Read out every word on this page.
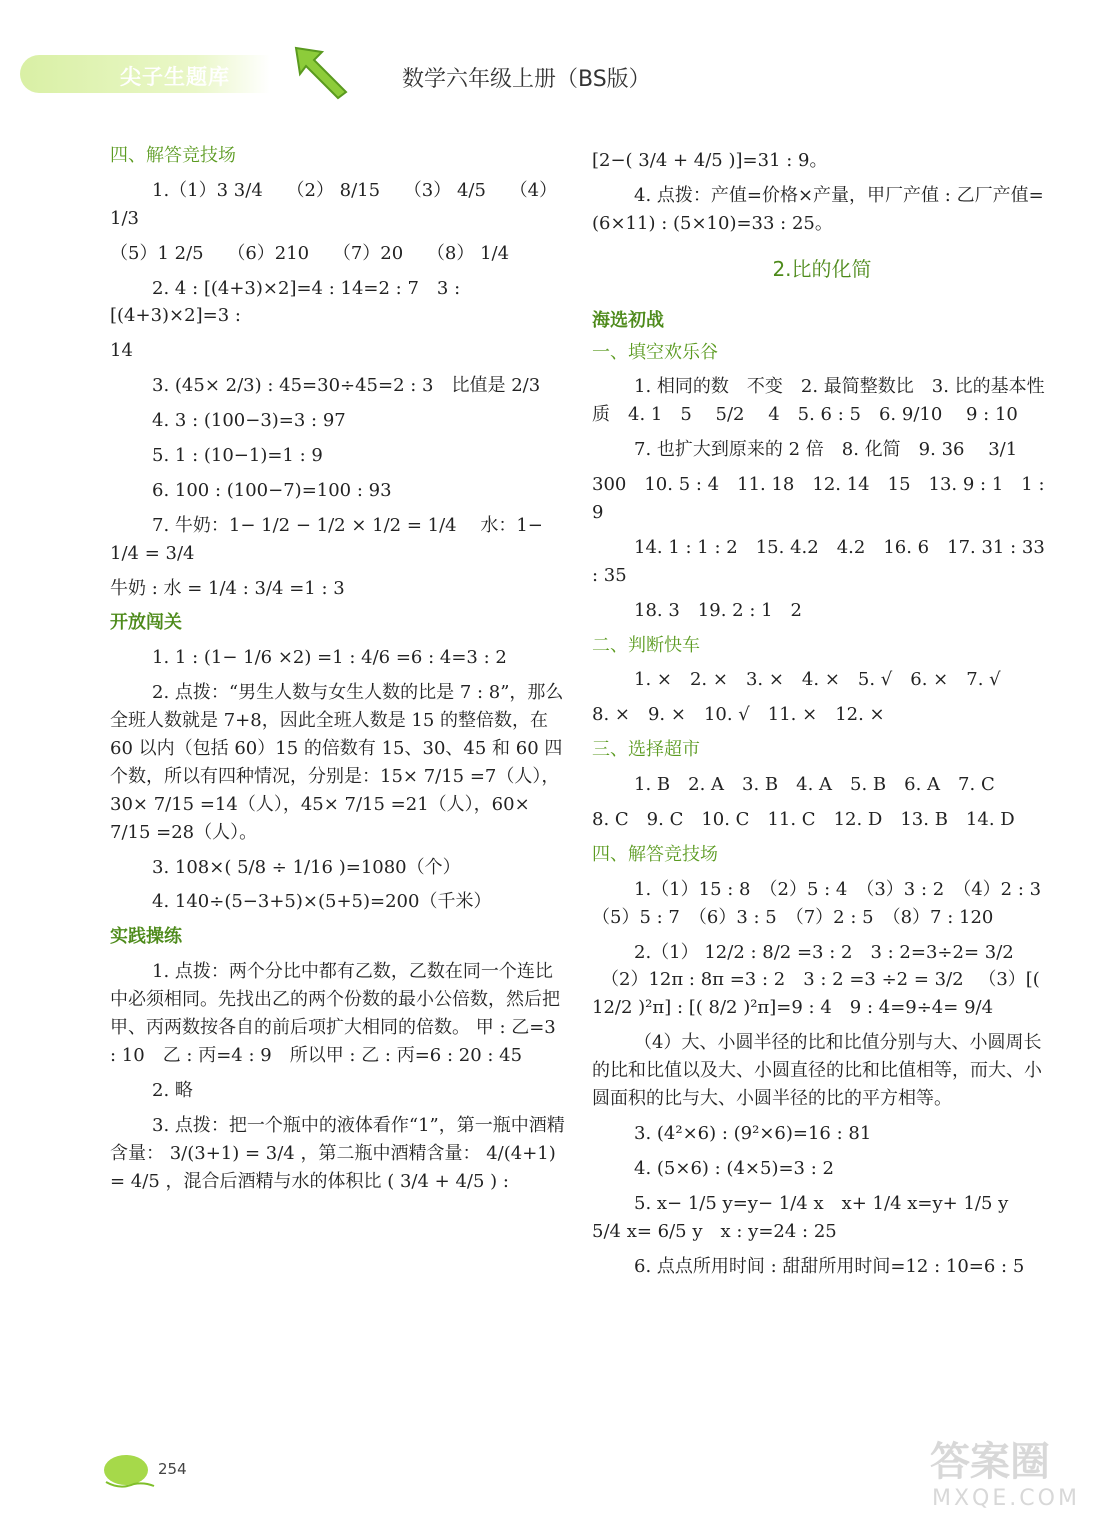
尖子生题库	数学六年级上册（BS版）
四、解答竞技场
1.（1）3 3/4　 （2） 8/15　 （3） 4/5　 （4） 1/3
（5）1 2/5　 （6）210　 （7）20　 （8） 1/4
2. 4 : [(4+3)×2]=4 : 14=2 : 7　3 : [(4+3)×2]=3 :
14
3. (45× 2/3) : 45=30÷45=2 : 3　比值是 2/3
4. 3 : (100−3)=3 : 97
5. 1 : (10−1)=1 : 9
6. 100 : (100−7)=100 : 93
7. 牛奶：1− 1/2 − 1/2 × 1/2 = 1/4　 水：1− 1/4 = 3/4
牛奶 : 水 = 1/4 : 3/4 =1 : 3
开放闯关
1. 1 : (1− 1/6 ×2) =1 : 4/6 =6 : 4=3 : 2
2. 点拨：“男生人数与女生人数的比是 7 : 8”，那么全班人数就是 7+8，因此全班人数是 15 的整倍数，在 60 以内（包括 60）15 的倍数有 15、30、45 和 60 四个数，所以有四种情况，分别是：15× 7/15 =7（人），30× 7/15 =14（人），45× 7/15 =21（人），60× 7/15 =28（人）。
3. 108×( 5/8 ÷ 1/16 )=1080（个）
4. 140÷(5−3+5)×(5+5)=200（千米）
实践操练
1. 点拨：两个分比中都有乙数，乙数在同一个连比中必须相同。先找出乙的两个份数的最小公倍数，然后把甲、丙两数按各自的前后项扩大相同的倍数。 甲 : 乙=3 : 10　乙 : 丙=4 : 9　所以甲 : 乙 : 丙=6 : 20 : 45
2. 略
3. 点拨：把一个瓶中的液体看作“1”，第一瓶中酒精含量： 3/(3+1) = 3/4 ，第二瓶中酒精含量： 4/(4+1) = 4/5 ，混合后酒精与水的体积比 ( 3/4 + 4/5 ) :
[2−( 3/4 + 4/5 )]=31 : 9。
4. 点拨：产值=价格×产量，甲厂产值 : 乙厂产值=(6×11) : (5×10)=33 : 25。
2.比的化简
海选初战
一、填空欢乐谷
1. 相同的数　不变　2. 最简整数比　3. 比的基本性质　4. 1　5　 5/2 　4　5. 6 : 5　6. 9/10 　9 : 10
7. 也扩大到原来的 2 倍　8. 化简　9. 36　 3/1
300　10. 5 : 4　11. 18　12. 14　15　13. 9 : 1　1 : 9
14. 1 : 1 : 2　15. 4.2　4.2　16. 6　17. 31 : 33 : 35
18. 3　19. 2 : 1　2
二、判断快车
1. ×　2. ×　3. ×　4. ×　5. √　6. ×　7. √
8. ×　9. ×　10. √　11. ×　12. ×
三、选择超市
1. B　2. A　3. B　4. A　5. B　6. A　7. C
8. C　9. C　10. C　11. C　12. D　13. B　14. D
四、解答竞技场
1.（1）15 : 8　（2）5 : 4　（3）3 : 2　（4）2 : 3　（5）5 : 7　（6）3 : 5　（7）2 : 5　（8）7 : 120
2.（1） 12/2 : 8/2 =3 : 2　3 : 2=3÷2= 3/2 　（2）12π : 8π =3 : 2　3 : 2 =3 ÷2 = 3/2 　（3）[( 12/2 )²π] : [( 8/2 )²π]=9 : 4　9 : 4=9÷4= 9/4
（4）大、小圆半径的比和比值分别与大、小圆周长的比和比值以及大、小圆直径的比和比值相等，而大、小圆面积的比与大、小圆半径的比的平方相等。
3. (4²×6) : (9²×6)=16 : 81
4. (5×6) : (4×5)=3 : 2
5. x− 1/5 y=y− 1/4 x　x+ 1/4 x=y+ 1/5 y　 5/4 x= 6/5 y　x : y=24 : 25
6. 点点所用时间 : 甜甜所用时间=12 : 10=6 : 5
254	答案圈
MXQE.COM
